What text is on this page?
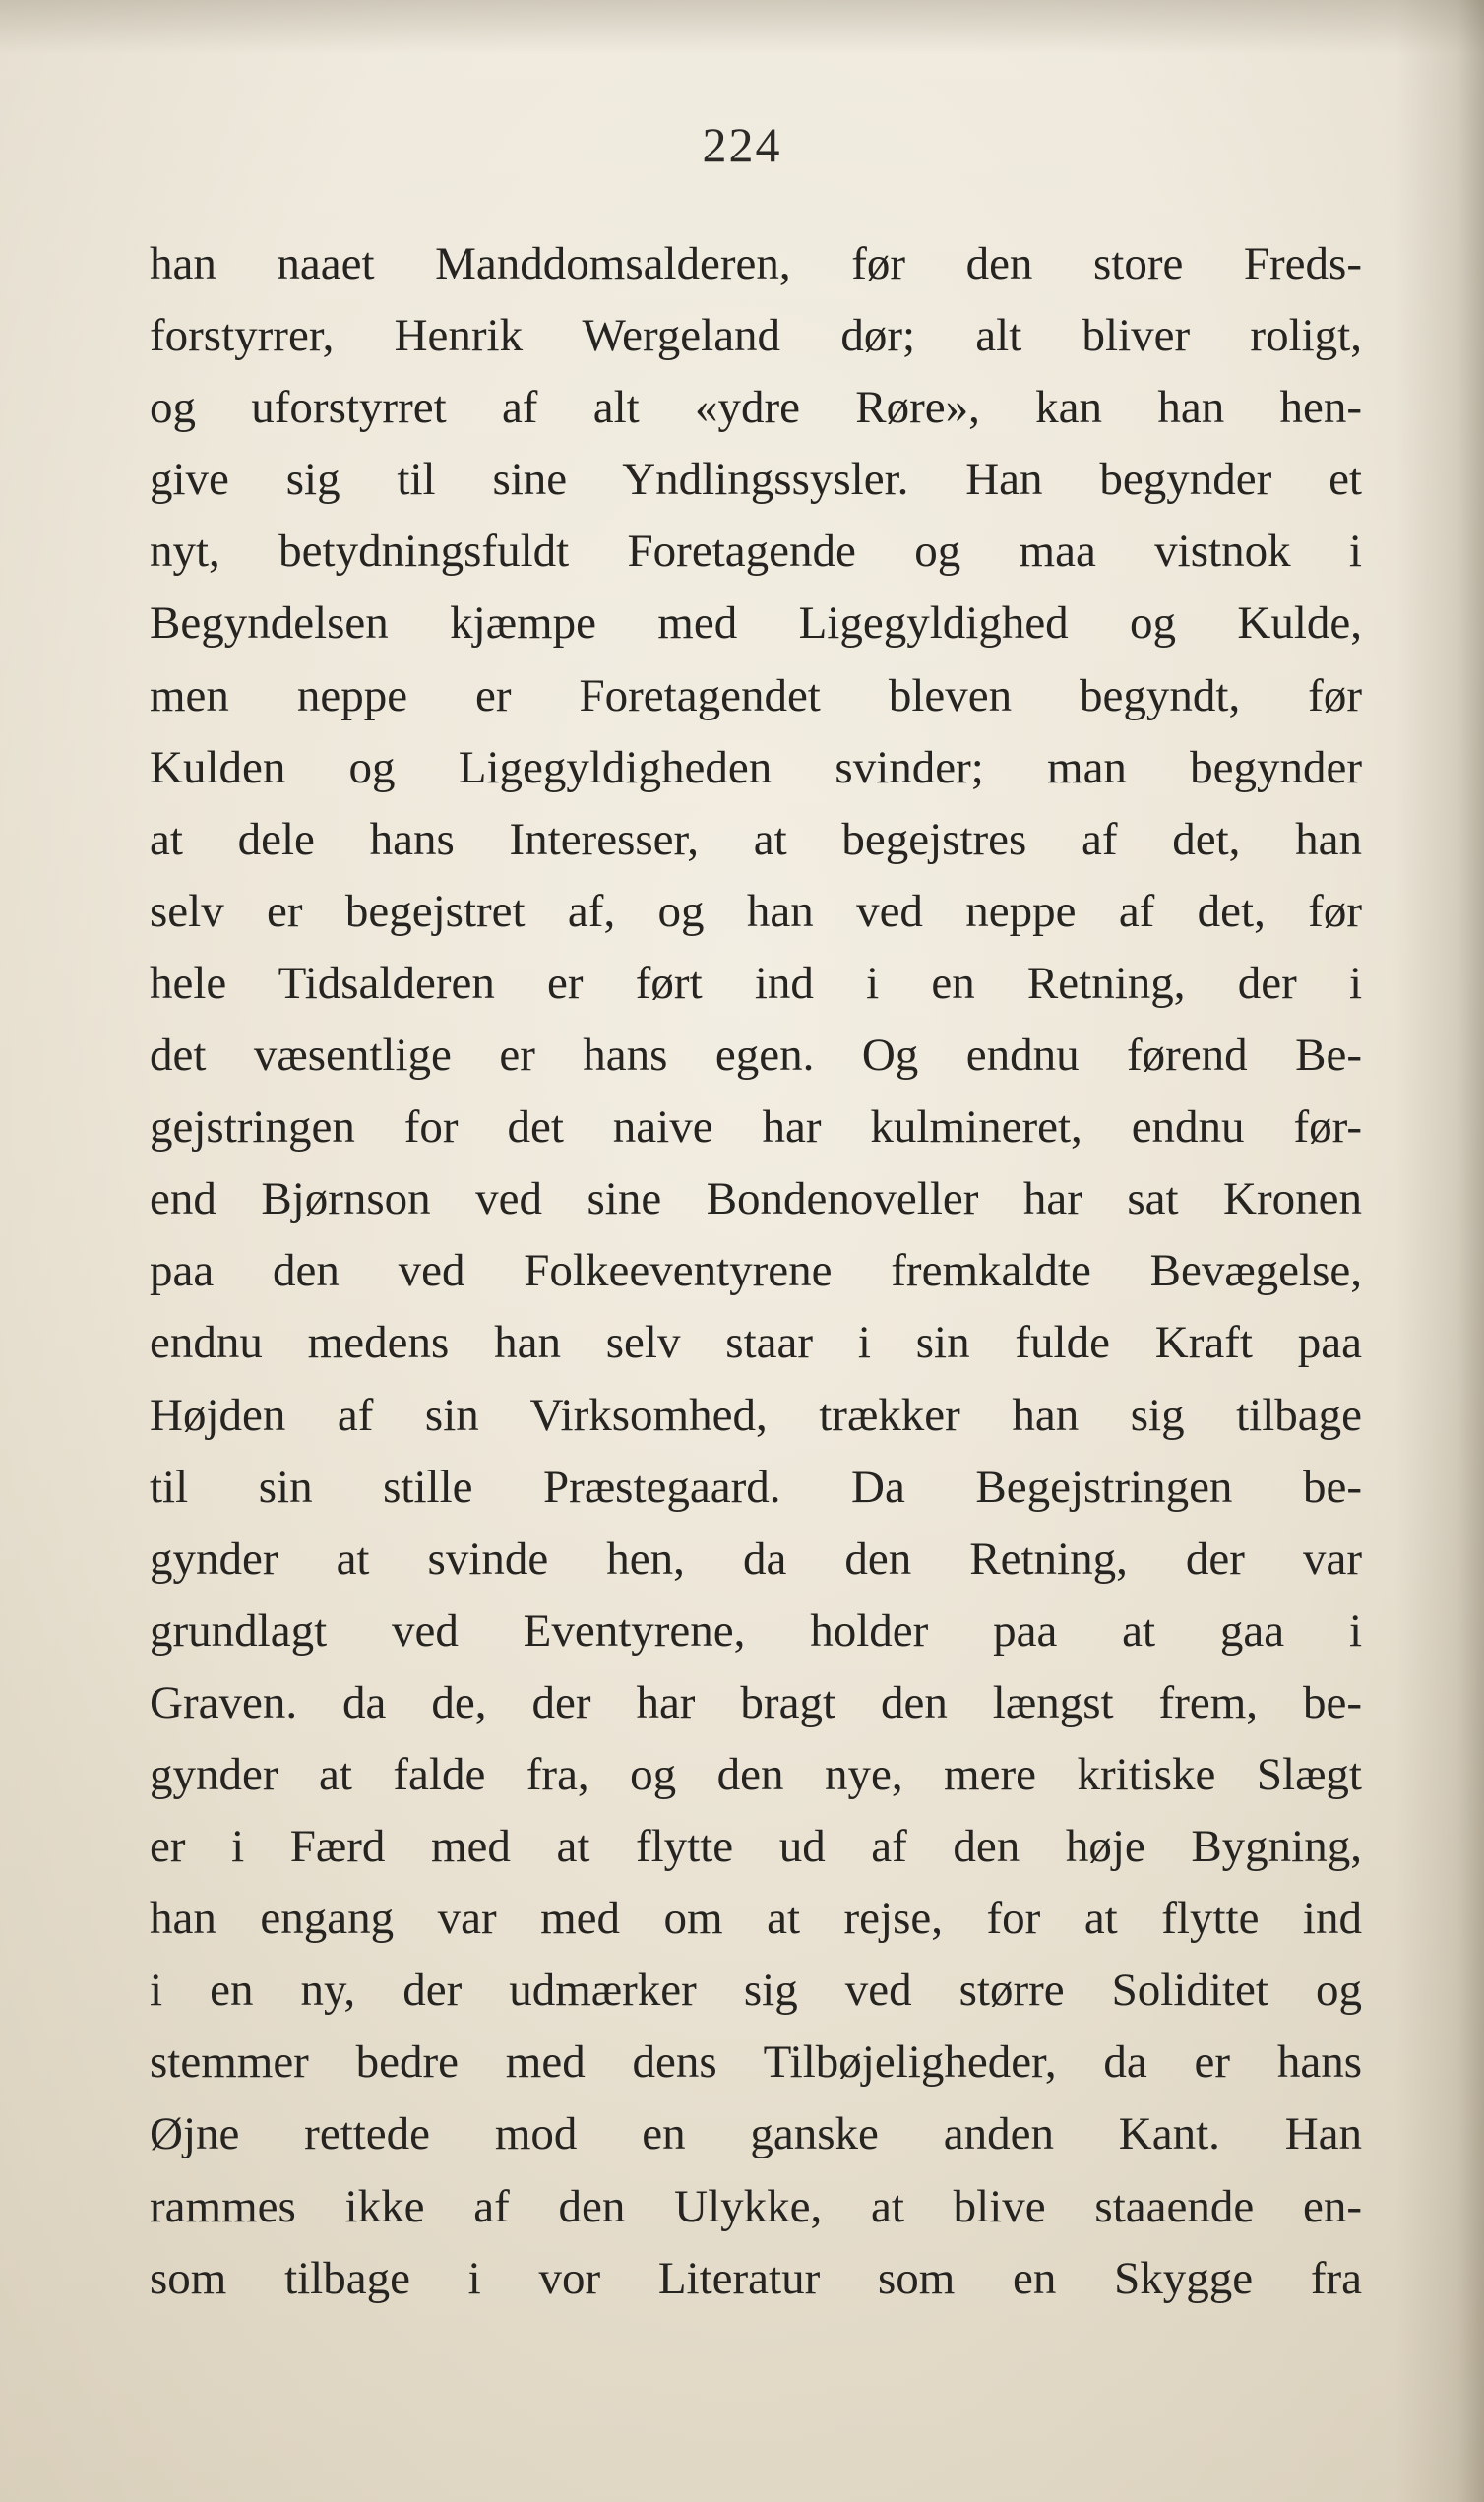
224
han naaet Manddomsalderen, før den store Freds-
forstyrrer, Henrik Wergeland dør; alt bliver roligt,
og uforstyrret af alt «ydre Røre», kan han hen-
give sig til sine Yndlingssysler. Han begynder et
nyt, betydningsfuldt Foretagende og maa vistnok i
Begyndelsen kjæmpe med Ligegyldighed og Kulde,
men neppe er Foretagendet bleven begyndt, før
Kulden og Ligegyldigheden svinder; man begynder
at dele hans Interesser, at begejstres af det, han
selv er begejstret af, og han ved neppe af det, før
hele Tidsalderen er ført ind i en Retning, der i
det væsentlige er hans egen. Og endnu førend Be-
gejstringen for det naive har kulmineret, endnu før-
end Bjørnson ved sine Bondenoveller har sat Kronen
paa den ved Folkeeventyrene fremkaldte Bevægelse,
endnu medens han selv staar i sin fulde Kraft paa
Højden af sin Virksomhed, trækker han sig tilbage
til sin stille Præstegaard. Da Begejstringen be-
gynder at svinde hen, da den Retning, der var
grundlagt ved Eventyrene, holder paa at gaa i
Graven. da de, der har bragt den længst frem, be-
gynder at falde fra, og den nye, mere kritiske Slægt
er i Færd med at flytte ud af den høje Bygning,
han engang var med om at rejse, for at flytte ind
i en ny, der udmærker sig ved større Soliditet og
stemmer bedre med dens Tilbøjeligheder, da er hans
Øjne rettede mod en ganske anden Kant. Han
rammes ikke af den Ulykke, at blive staaende en-
som tilbage i vor Literatur som en Skygge fra
